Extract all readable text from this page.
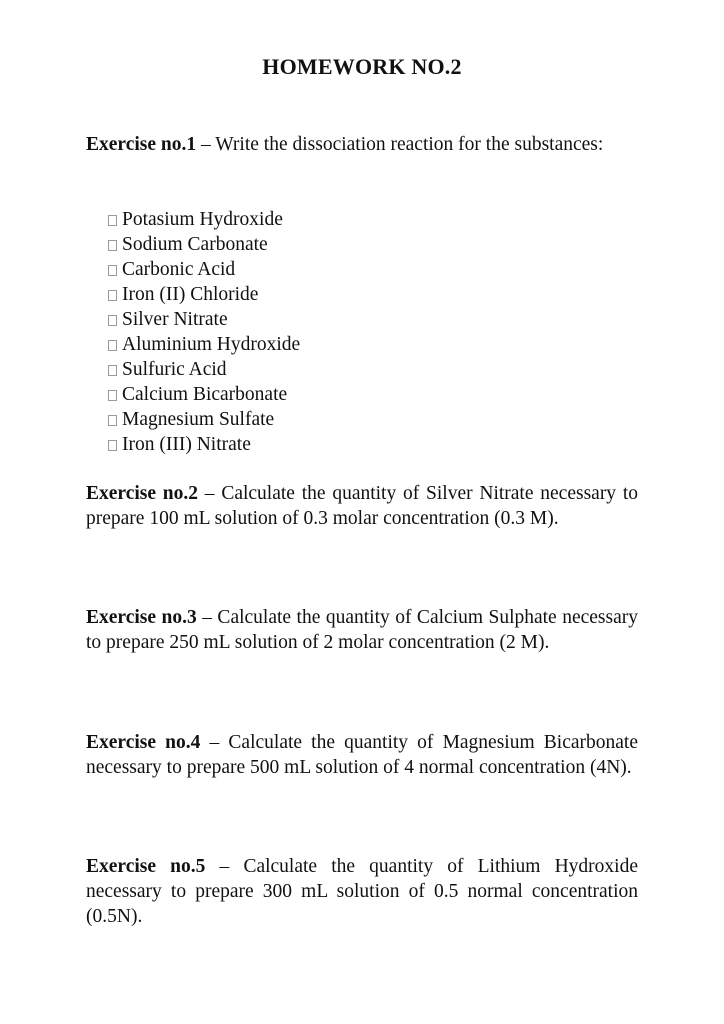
HOMEWORK NO.2
Exercise no.1 – Write the dissociation reaction for the substances:
Potasium Hydroxide
Sodium Carbonate
Carbonic Acid
Iron (II) Chloride
Silver Nitrate
Aluminium Hydroxide
Sulfuric Acid
Calcium Bicarbonate
Magnesium Sulfate
Iron (III) Nitrate
Exercise no.2 – Calculate the quantity of Silver Nitrate necessary to prepare 100 mL solution of 0.3 molar concentration (0.3 M).
Exercise no.3 – Calculate the quantity of Calcium Sulphate necessary to prepare 250 mL solution of 2 molar concentration (2 M).
Exercise no.4 – Calculate the quantity of Magnesium Bicarbonate necessary to prepare 500 mL solution of 4 normal concentration (4N).
Exercise no.5 – Calculate the quantity of Lithium Hydroxide necessary to prepare 300 mL solution of 0.5 normal concentration (0.5N).
